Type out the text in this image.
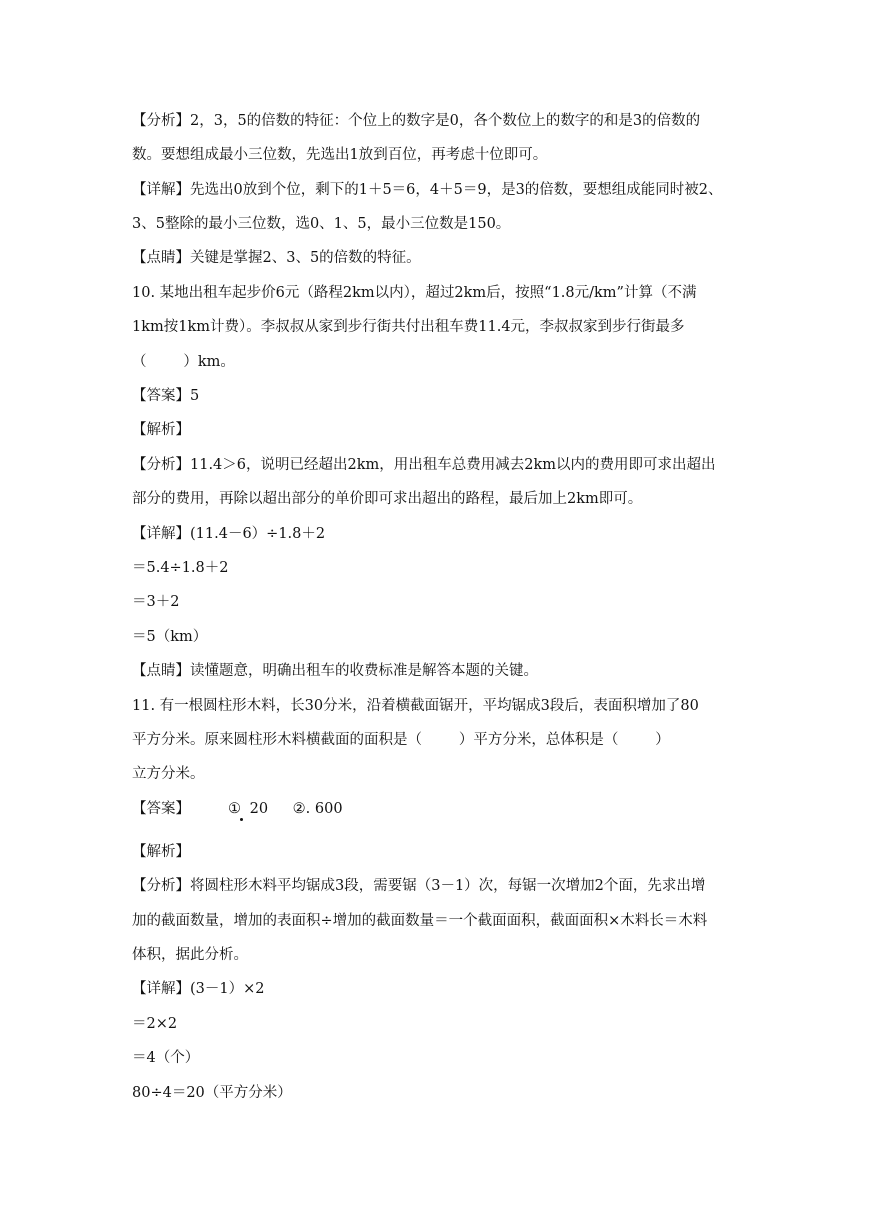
【分析】2，3，5的倍数的特征：个位上的数字是0，各个数位上的数字的和是3的倍数的
数。要想组成最小三位数，先选出1放到百位，再考虑十位即可。
【详解】先选出0放到个位，剩下的1＋5＝6，4＋5＝9，是3的倍数，要想组成能同时被2、
3、5整除的最小三位数，选0、1、5，最小三位数是150。
【点睛】关键是掌握2、3、5的倍数的特征。
10. 某地出租车起步价6元（路程2km以内），超过2km后，按照“1.8元/km”计算（不满
1km按1km计费）。李叔叔从家到步行街共付出租车费11.4元，李叔叔家到步行街最多
（        ）km。
【答案】5
【解析】
【分析】11.4＞6，说明已经超出2km，用出租车总费用减去2km以内的费用即可求出超出
部分的费用，再除以超出部分的单价即可求出超出的路程，最后加上2km即可。
【详解】(11.4－6）÷1.8＋2
＝5.4÷1.8＋2
＝3＋2
＝5（km）
【点睛】读懂题意，明确出租车的收费标准是解答本题的关键。
11. 有一根圆柱形木料，长30分米，沿着横截面锯开，平均锯成3段后，表面积增加了80
平方分米。原来圆柱形木料横截面的面积是（        ）平方分米，总体积是（        ）
立方分米。
【答案】	① 20 ②. 600
【解析】
【分析】将圆柱形木料平均锯成3段，需要锯（3－1）次，每锯一次增加2个面，先求出增
加的截面数量，增加的表面积÷增加的截面数量＝一个截面面积，截面面积×木料长＝木料
体积，据此分析。
【详解】(3－1）×2
＝2×2
＝4（个）
80÷4＝20（平方分米）
